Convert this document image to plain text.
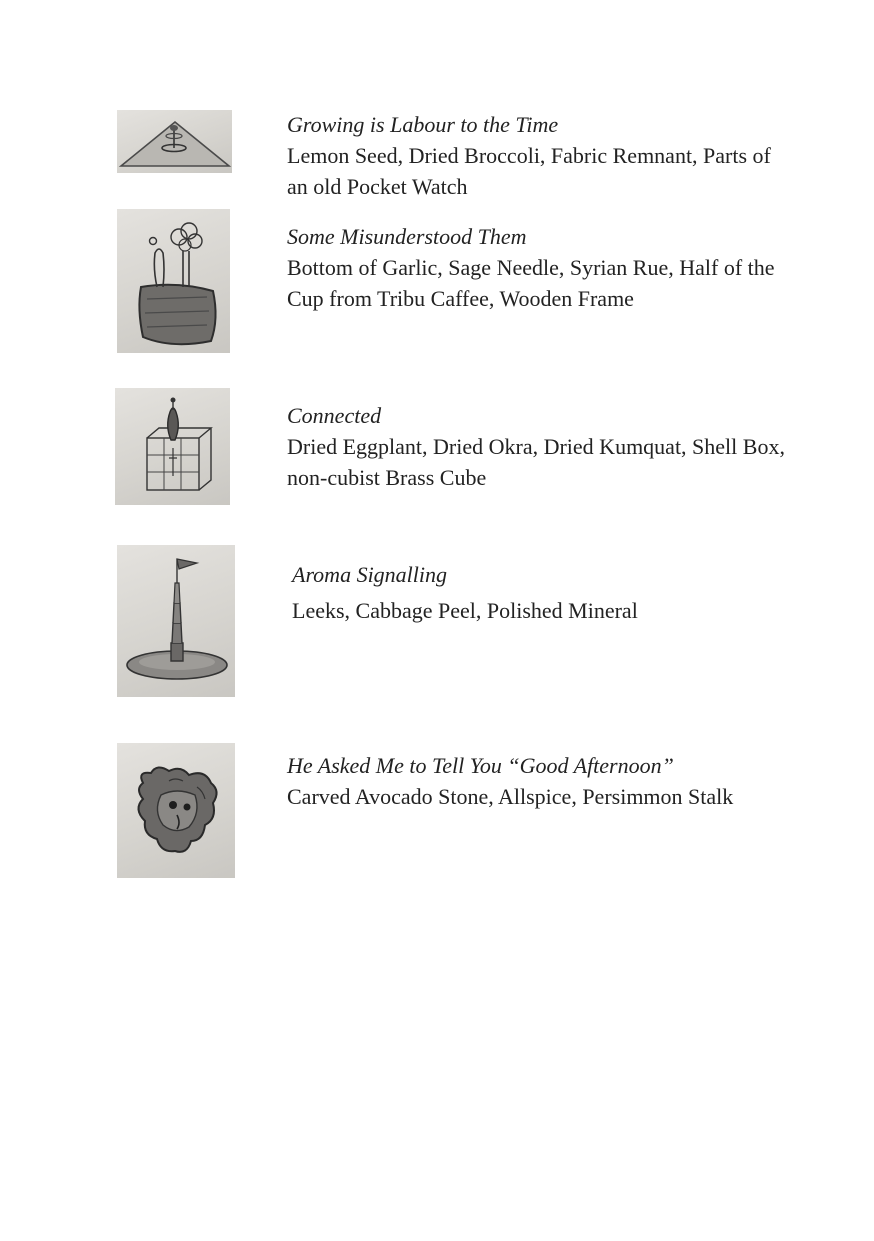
Growing is Labour to the Time
Lemon Seed, Dried Broccoli, Fabric Remnant, Parts of an old Pocket Watch
Some Misunderstood Them
Bottom of Garlic, Sage Needle, Syrian Rue, Half of the Cup from Tribu Caffee, Wooden Frame
Connected
Dried Eggplant, Dried Okra, Dried Kumquat, Shell Box, non-cubist Brass Cube
Aroma Signalling
Leeks, Cabbage Peel, Polished Mineral
He Asked Me to Tell You “Good Afternoon”
Carved Avocado Stone, Allspice, Persimmon Stalk
